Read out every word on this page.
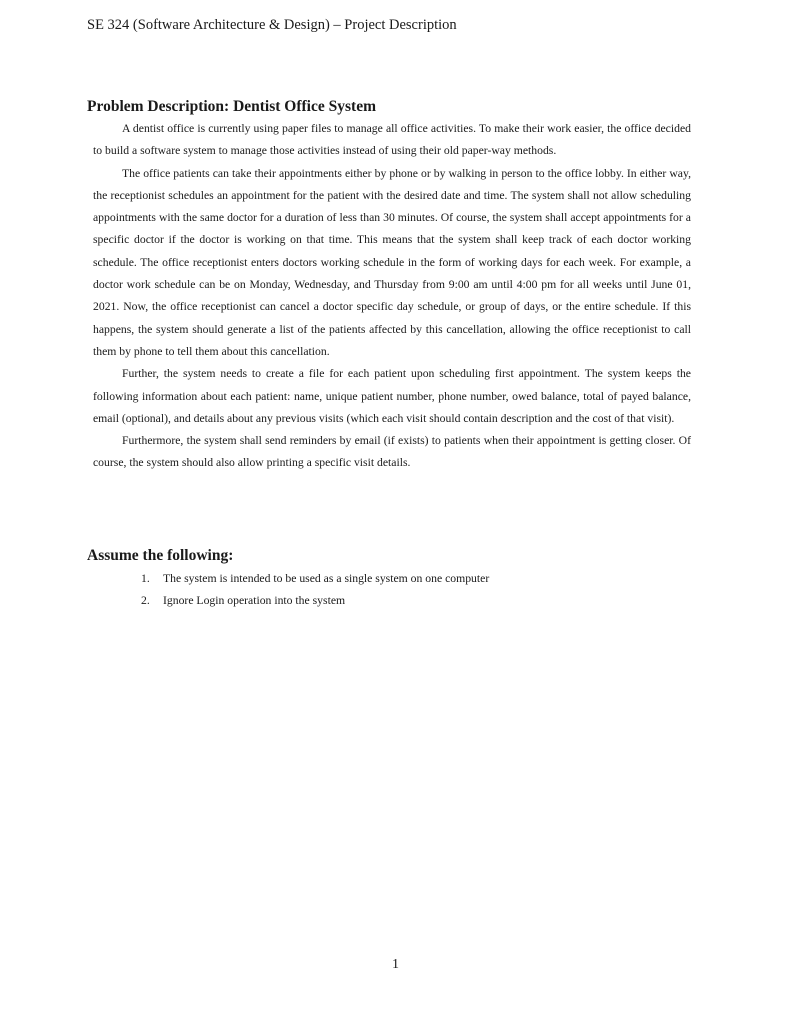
SE 324 (Software Architecture & Design) – Project Description
Problem Description: Dentist Office System

A dentist office is currently using paper files to manage all office activities. To make their work easier, the office decided to build a software system to manage those activities instead of using their old paper-way methods.

The office patients can take their appointments either by phone or by walking in person to the office lobby. In either way, the receptionist schedules an appointment for the patient with the desired date and time. The system shall not allow scheduling appointments with the same doctor for a duration of less than 30 minutes. Of course, the system shall accept appointments for a specific doctor if the doctor is working on that time. This means that the system shall keep track of each doctor working schedule. The office receptionist enters doctors working schedule in the form of working days for each week. For example, a doctor work schedule can be on Monday, Wednesday, and Thursday from 9:00 am until 4:00 pm for all weeks until June 01, 2021. Now, the office receptionist can cancel a doctor specific day schedule, or group of days, or the entire schedule. If this happens, the system should generate a list of the patients affected by this cancellation, allowing the office receptionist to call them by phone to tell them about this cancellation.

Further, the system needs to create a file for each patient upon scheduling first appointment. The system keeps the following information about each patient: name, unique patient number, phone number, owed balance, total of payed balance, email (optional), and details about any previous visits (which each visit should contain description and the cost of that visit).

Furthermore, the system shall send reminders by email (if exists) to patients when their appointment is getting closer. Of course, the system should also allow printing a specific visit details.

Assume the following:
1. The system is intended to be used as a single system on one computer
2. Ignore Login operation into the system
1
